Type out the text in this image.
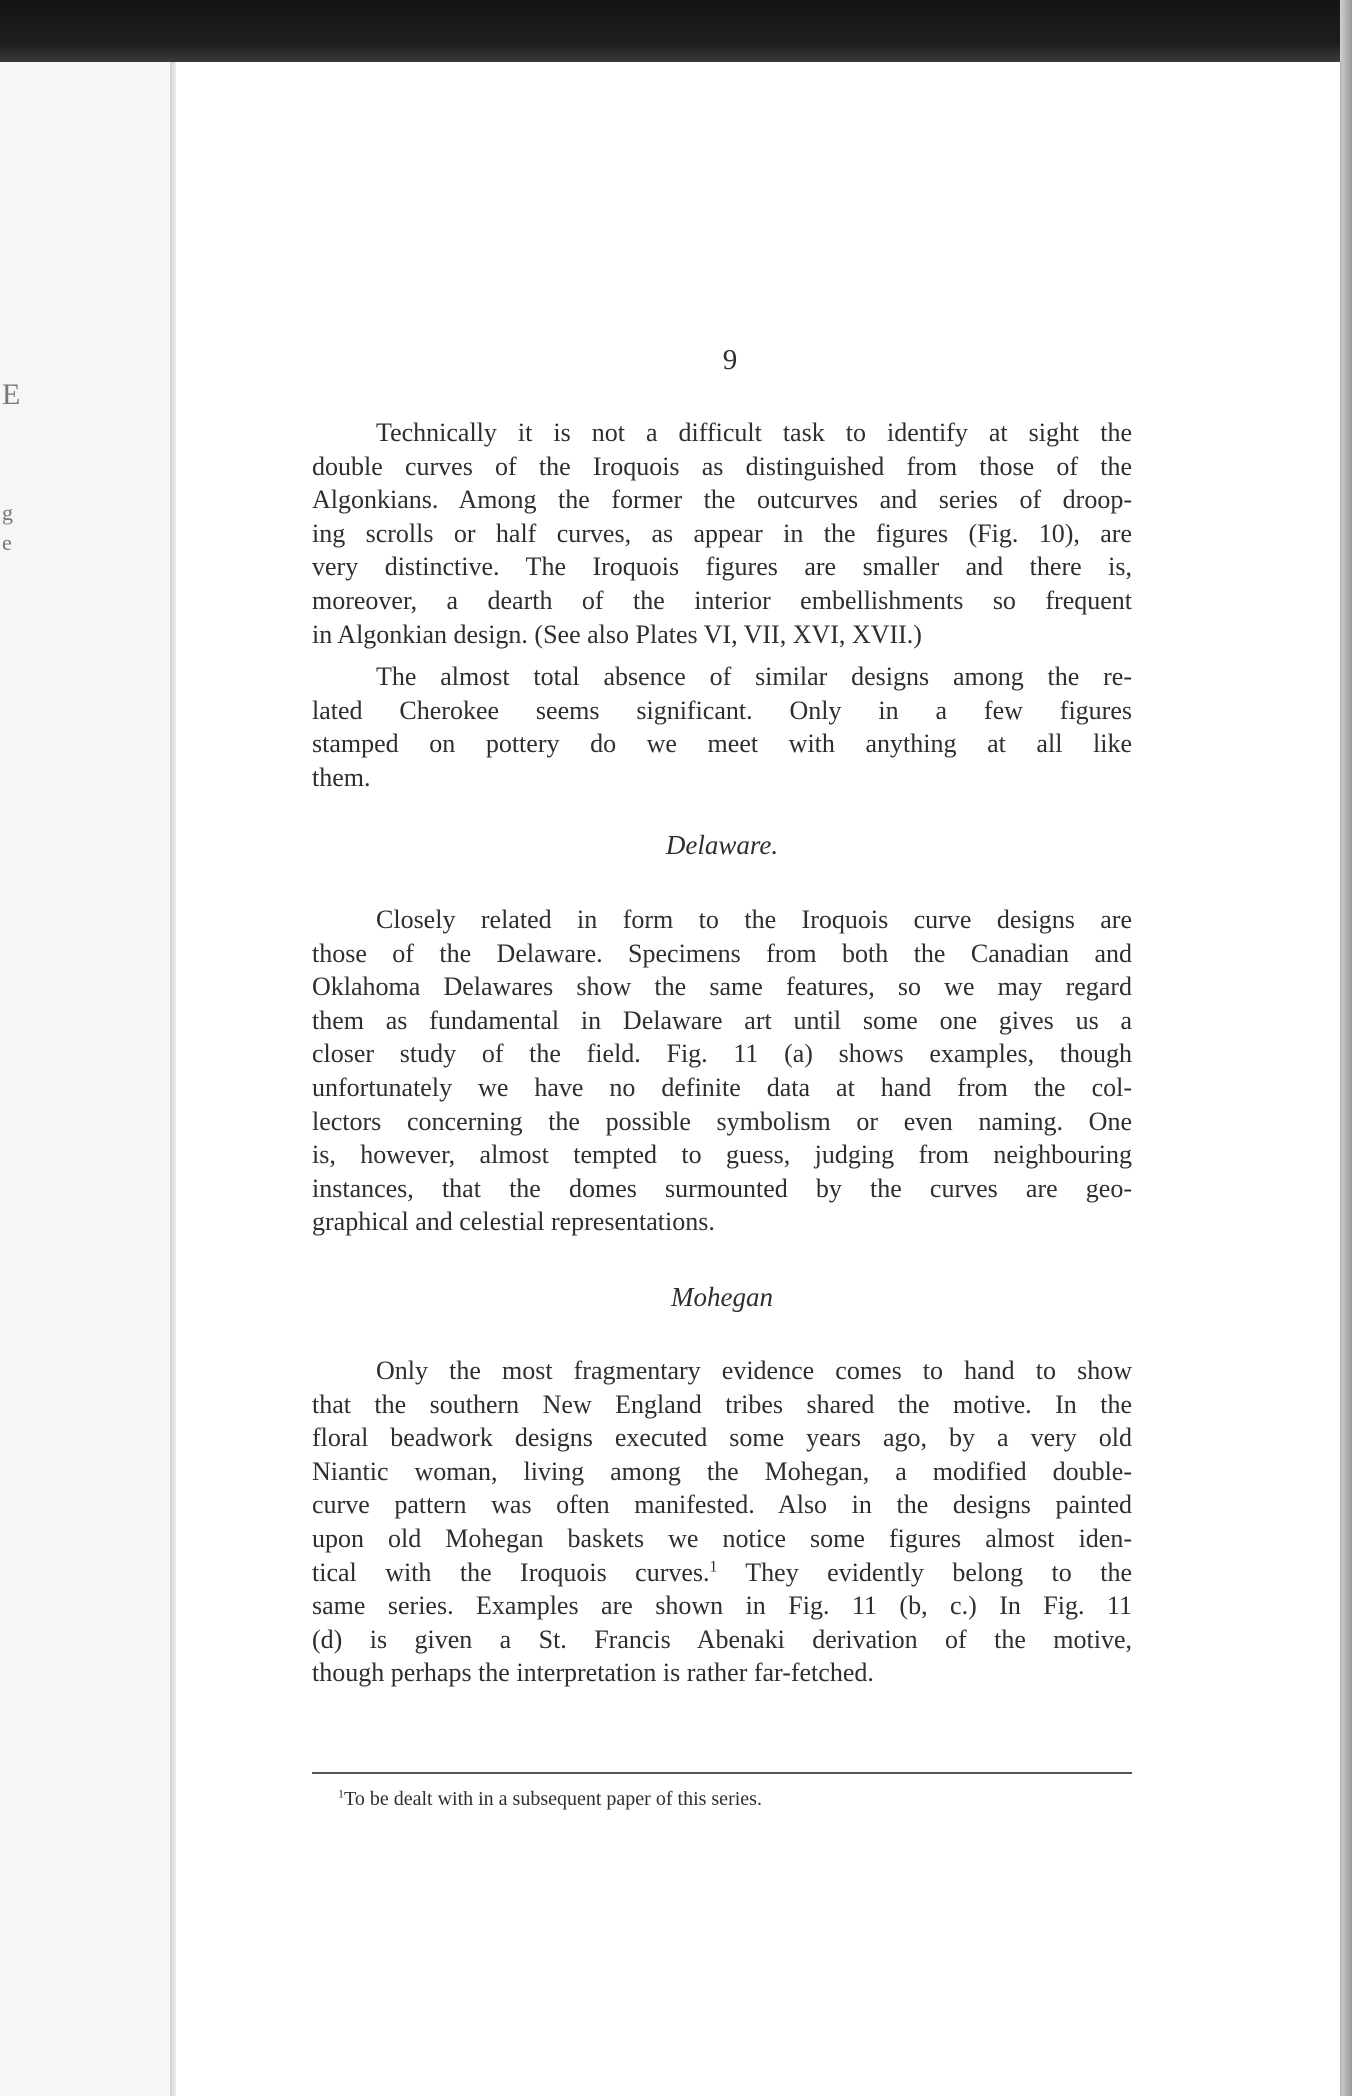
E
g
e
9

Technically it is not a difficult task to identify at sight the
double curves of the Iroquois as distinguished from those of the
Algonkians. Among the former the outcurves and series of droop-
ing scrolls or half curves, as appear in the figures (Fig. 10), are
very distinctive. The Iroquois figures are smaller and there is,
moreover, a dearth of the interior embellishments so frequent
in Algonkian design. (See also Plates VI, VII, XVI, XVII.)

The almost total absence of similar designs among the re-
lated Cherokee seems significant. Only in a few figures
stamped on pottery do we meet with anything at all like
them.

Delaware.

Closely related in form to the Iroquois curve designs are
those of the Delaware. Specimens from both the Canadian and
Oklahoma Delawares show the same features, so we may regard
them as fundamental in Delaware art until some one gives us a
closer study of the field. Fig. 11 (a) shows examples, though
unfortunately we have no definite data at hand from the col-
lectors concerning the possible symbolism or even naming. One
is, however, almost tempted to guess, judging from neighbouring
instances, that the domes surmounted by the curves are geo-
graphical and celestial representations.

Mohegan

Only the most fragmentary evidence comes to hand to show
that the southern New England tribes shared the motive. In the
floral beadwork designs executed some years ago, by a very old
Niantic woman, living among the Mohegan, a modified double-
curve pattern was often manifested. Also in the designs painted
upon old Mohegan baskets we notice some figures almost iden-
tical with the Iroquois curves.$^1$ They evidently belong to the
same series. Examples are shown in Fig. 11 (b, c.) In Fig. 11
(d) is given a St. Francis Abenaki derivation of the motive,
though perhaps the interpretation is rather far-fetched.

$^1$To be dealt with in a subsequent paper of this series.
